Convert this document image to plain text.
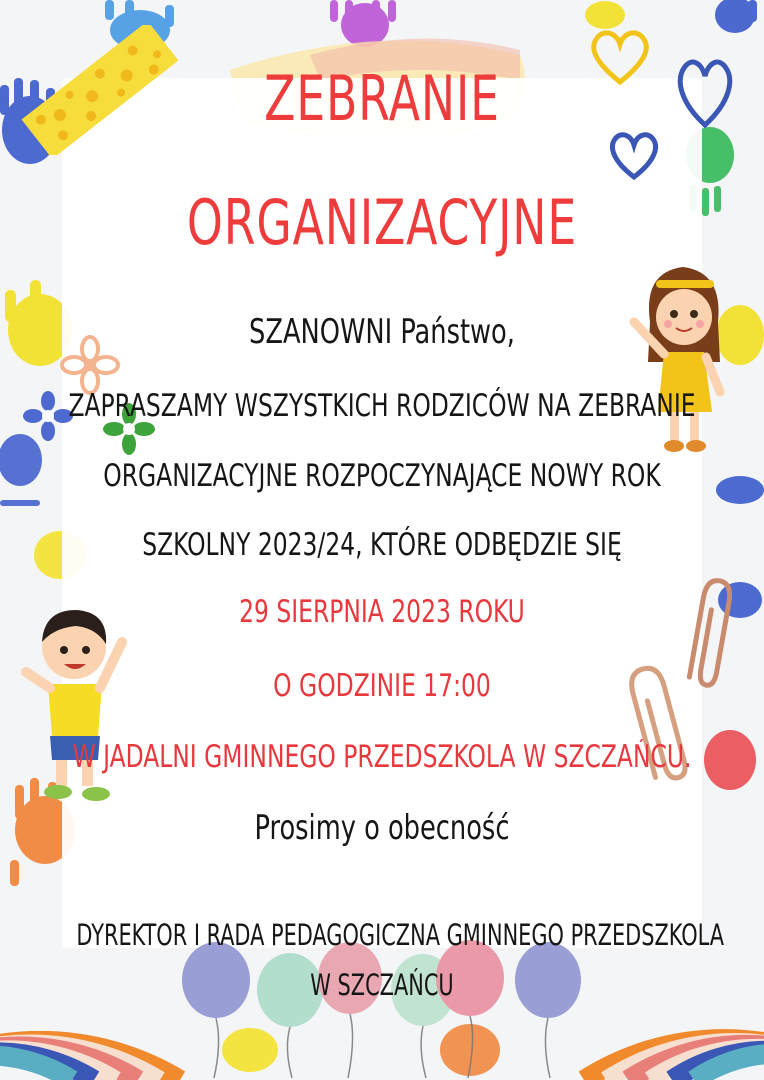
ZEBRANIE
ORGANIZACYJNE
SZANOWNI Państwo,
ZAPRASZAMY WSZYSTKICH RODZICÓW NA ZEBRANIE
ORGANIZACYJNE ROZPOCZYNAJĄCE NOWY ROK
SZKOLNY 2023/24, KTÓRE ODBĘDZIE SIĘ
29 SIERPNIA 2023 ROKU
O GODZINIE 17:00
W JADALNI GMINNEGO PRZEDSZKOLA W SZCZAŃCU.
Prosimy o obecność
DYREKTOR I RADA PEDAGOGICZNA GMINNEGO PRZEDSZKOLA
W SZCZAŃCU
